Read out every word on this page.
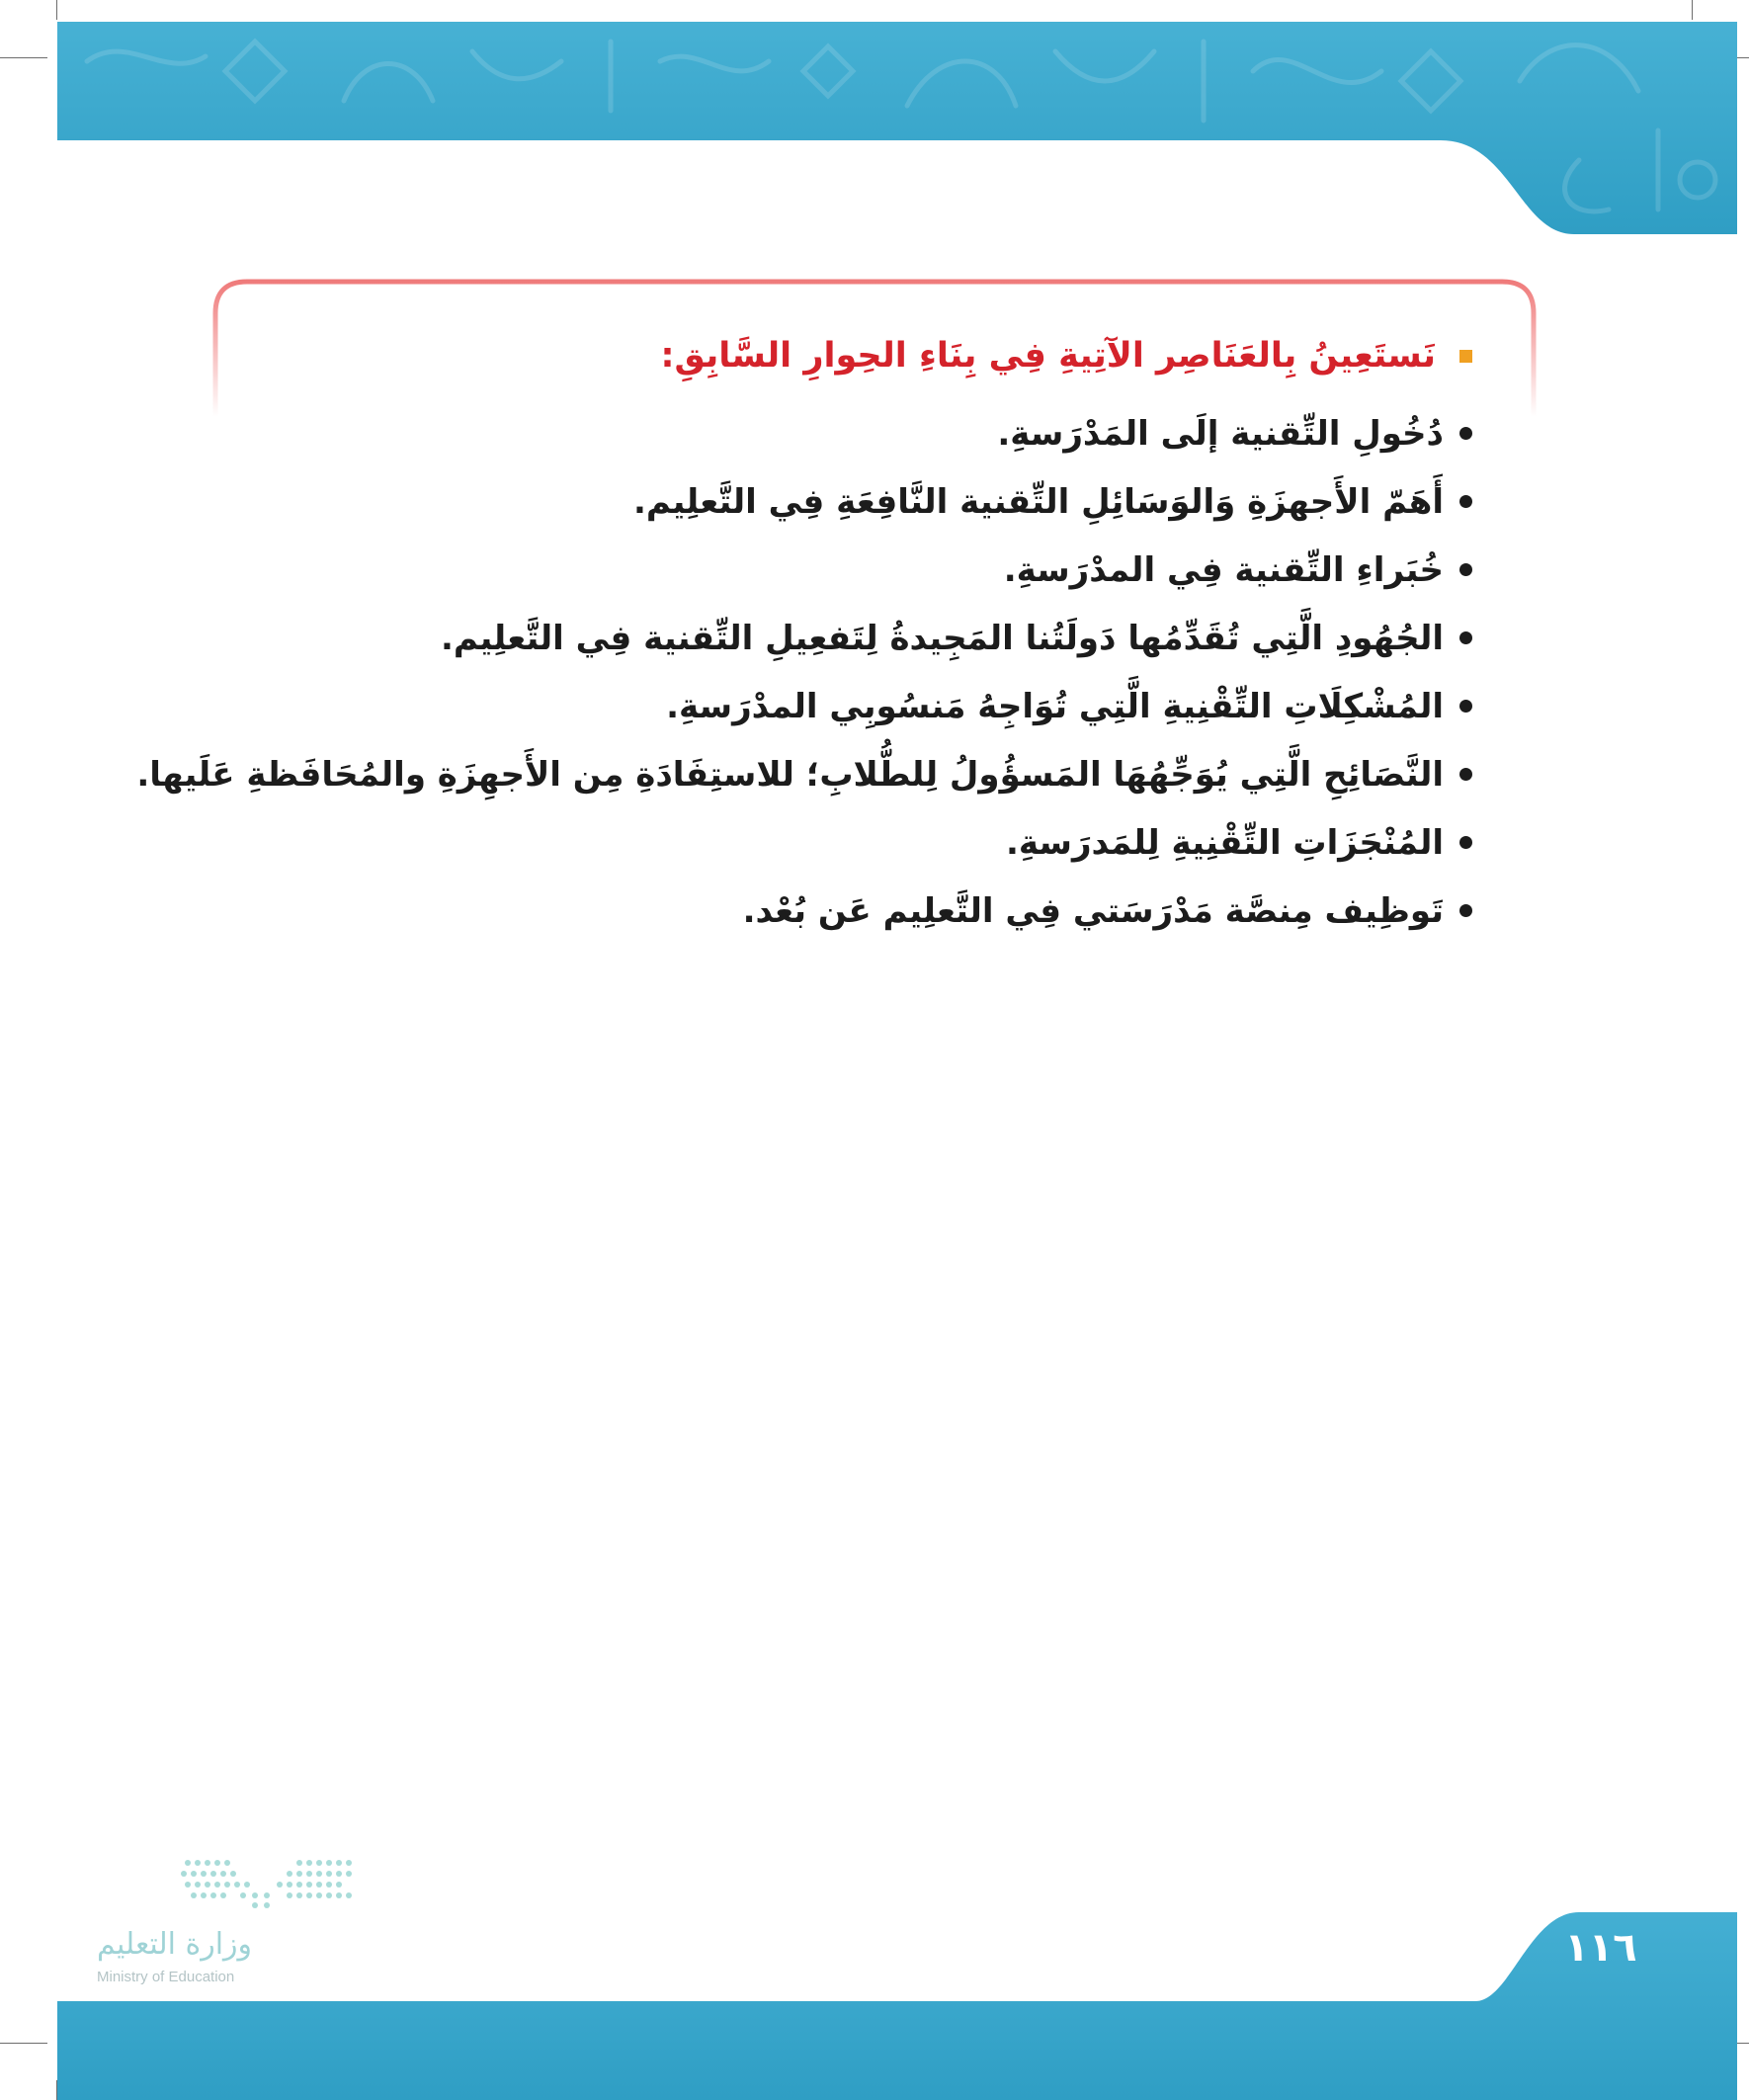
نَستَعِينُ بِالعَنَاصِر الآتِيةِ فِي بِنَاءِ الحِوارِ السَّابِقِ:
دُخُولِ التِّقنية إلَى المَدْرَسةِ.
أَهَمّ الأَجهزَةِ وَالوَسَائِلِ التِّقنية النَّافِعَةِ فِي التَّعلِيم.
خُبَراءِ التِّقنية فِي المدْرَسةِ.
الجُهُودِ الَّتِي تُقَدِّمُها دَولَتُنا المَجِيدةُ لِتَفعِيلِ التِّقنية فِي التَّعلِيم.
المُشْكِلَاتِ التِّقْنِيةِ الَّتِي تُوَاجِهُ مَنسُوبِي المدْرَسةِ.
النَّصَائِحِ الَّتِي يُوَجِّهُهَا المَسؤُولُ لِلطُّلابِ؛ للاستِفَادَةِ مِن الأَجهِزَةِ والمُحَافَظةِ عَلَيها.
المُنْجَزَاتِ التِّقْنِيةِ لِلمَدرَسةِ.
تَوظِيف مِنصَّة مَدْرَسَتي فِي التَّعلِيم عَن بُعْد.
١١٦
وزارة التعليم
Ministry of Education
